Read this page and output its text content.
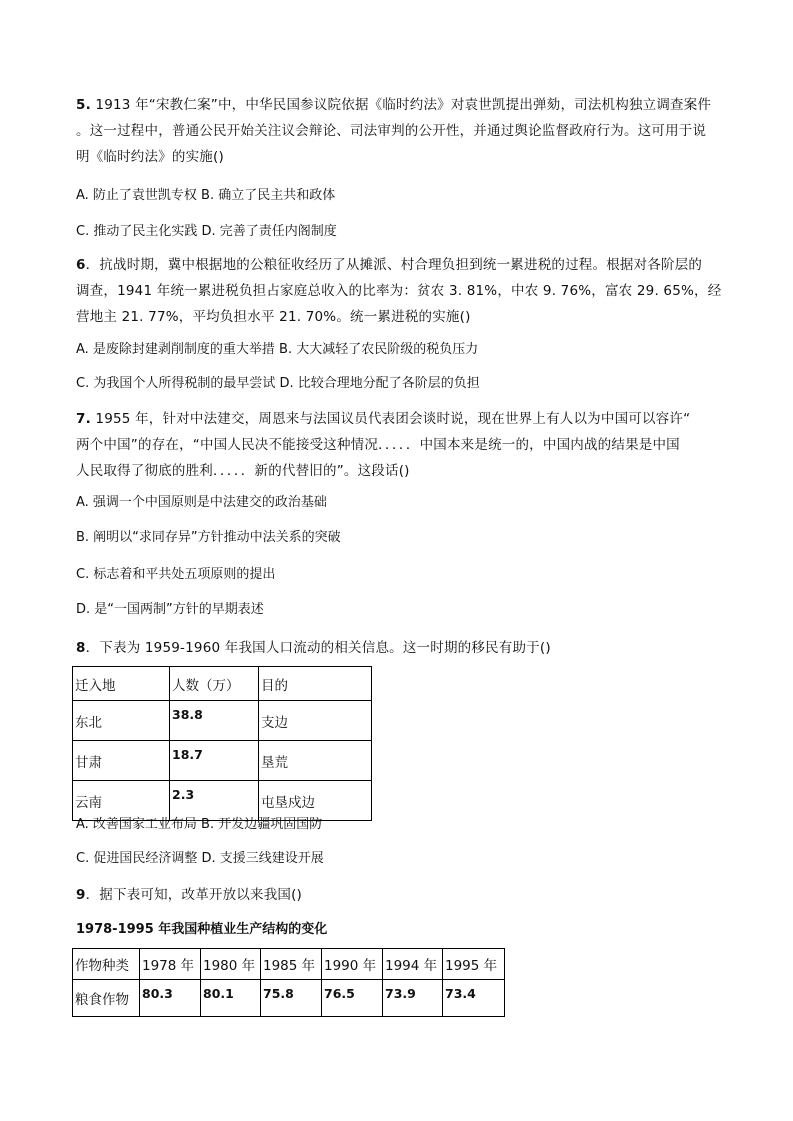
5. 1913 年“宋教仁案”中，中华民国参议院依据《临时约法》对袁世凯提出弹劾，司法机构独立调查案件
。这一过程中，普通公民开始关注议会辩论、司法审判的公开性，并通过舆论监督政府行为。这可用于说
明《临时约法》的实施()
A. 防止了袁世凯专权 B. 确立了民主共和政体
C. 推动了民主化实践 D. 完善了责任内阁制度
6．抗战时期，冀中根据地的公粮征收经历了从摊派、村合理负担到统一累进税的过程。根据对各阶层的
调查，1941 年统一累进税负担占家庭总收入的比率为：贫农 3. 81%，中农 9. 76%，富农 29. 65%，经
营地主 21. 77%，平均负担水平 21. 70%。统一累进税的实施()
A. 是废除封建剥削制度的重大举措 B. 大大减轻了农民阶级的税负压力
C. 为我国个人所得税制的最早尝试 D. 比较合理地分配了各阶层的负担
7. 1955 年，针对中法建交，周恩来与法国议员代表团会谈时说，现在世界上有人以为中国可以容许“
两个中国”的存在，“中国人民决不能接受这种情况．．．．．中国本来是统一的，中国内战的结果是中国
人民取得了彻底的胜利．．．．．新的代替旧的”。这段话()
A. 强调一个中国原则是中法建交的政治基础
B. 阐明以“求同存异”方针推动中法关系的突破
C. 标志着和平共处五项原则的提出
D. 是“一国两制”方针的早期表述
8．下表为 1959-1960 年我国人口流动的相关信息。这一时期的移民有助于()
迁入地	人数（万）	目的
东北	38.8	支边
甘肃	18.7	垦荒
云南	2.3	屯垦戍边
A. 改善国家工业布局 B. 开发边疆巩固国防
C. 促进国民经济调整 D. 支援三线建设开展
9．据下表可知，改革开放以来我国()
1978-1995 年我国种植业生产结构的变化
作物种类	1978 年	1980 年	1985 年	1990 年	1994 年	1995 年
粮食作物	80.3	80.1	75.8	76.5	73.9	73.4
